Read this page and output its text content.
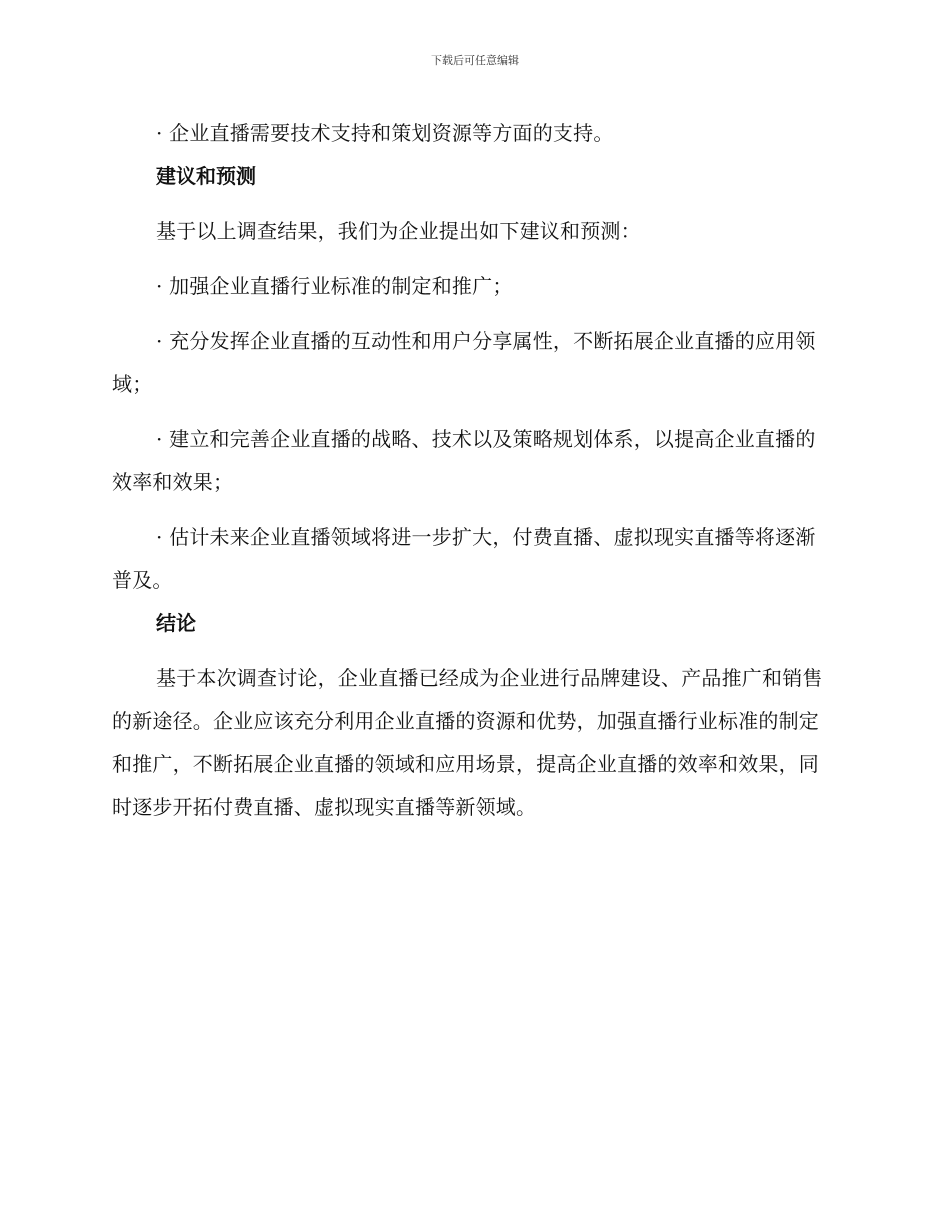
下载后可任意编辑

· 企业直播需要技术支持和策划资源等方面的支持。

建议和预测

基于以上调查结果，我们为企业提出如下建议和预测：

· 加强企业直播行业标准的制定和推广；

· 充分发挥企业直播的互动性和用户分享属性，不断拓展企业直播的应用领域；

· 建立和完善企业直播的战略、技术以及策略规划体系，以提高企业直播的效率和效果；

· 估计未来企业直播领域将进一步扩大，付费直播、虚拟现实直播等将逐渐普及。

结论

基于本次调查讨论，企业直播已经成为企业进行品牌建设、产品推广和销售的新途径。企业应该充分利用企业直播的资源和优势，加强直播行业标准的制定和推广，不断拓展企业直播的领域和应用场景，提高企业直播的效率和效果，同时逐步开拓付费直播、虚拟现实直播等新领域。
